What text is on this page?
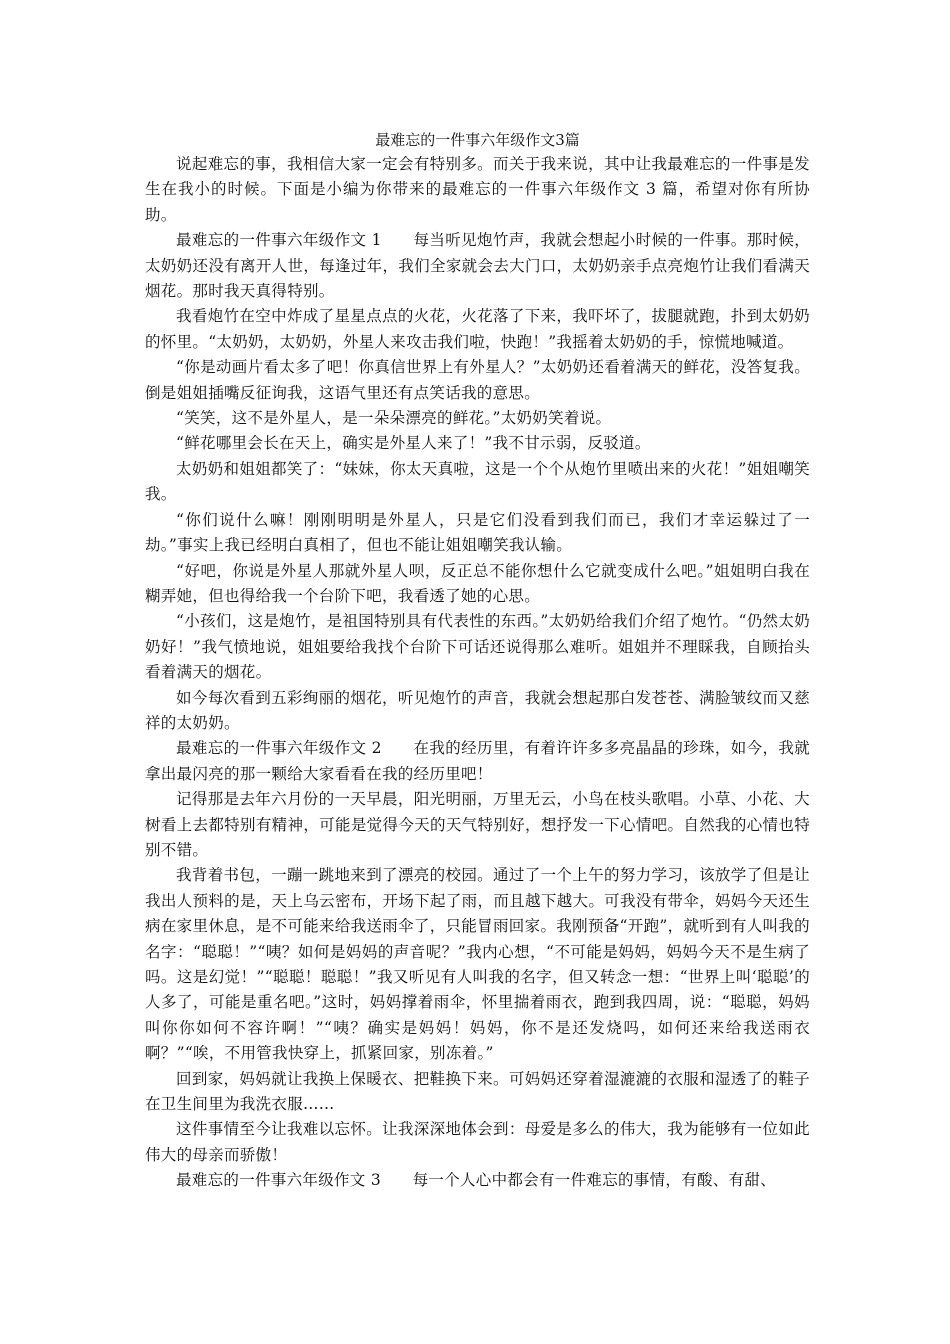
最难忘的一件事六年级作文3篇

说起难忘的事，我相信大家一定会有特别多。而关于我来说，其中让我最难忘的一件事是发生在我小的时候。下面是小编为你带来的最难忘的一件事六年级作文 3 篇，希望对你有所协助。

最难忘的一件事六年级作文 1　　每当听见炮竹声，我就会想起小时候的一件事。那时候，太奶奶还没有离开人世，每逢过年，我们全家就会去大门口，太奶奶亲手点亮炮竹让我们看满天烟花。那时我天真得特别。

我看炮竹在空中炸成了星星点点的火花，火花落了下来，我吓坏了，拔腿就跑，扑到太奶奶的怀里。“太奶奶，太奶奶，外星人来攻击我们啦，快跑！”我摇着太奶奶的手，惊慌地喊道。

“你是动画片看太多了吧！你真信世界上有外星人？”太奶奶还看着满天的鲜花，没答复我。倒是姐姐插嘴反征询我，这语气里还有点笑话我的意思。

“笑笑，这不是外星人，是一朵朵漂亮的鲜花。”太奶奶笑着说。

“鲜花哪里会长在天上，确实是外星人来了！”我不甘示弱，反驳道。

太奶奶和姐姐都笑了：“妹妹，你太天真啦，这是一个个从炮竹里喷出来的火花！”姐姐嘲笑我。

“你们说什么嘛！刚刚明明是外星人，只是它们没看到我们而已，我们才幸运躲过了一劫。”事实上我已经明白真相了，但也不能让姐姐嘲笑我认输。

“好吧，你说是外星人那就外星人呗，反正总不能你想什么它就变成什么吧。”姐姐明白我在糊弄她，但也得给我一个台阶下吧，我看透了她的心思。

“小孩们，这是炮竹，是祖国特别具有代表性的东西。”太奶奶给我们介绍了炮竹。“仍然太奶奶好！”我气愤地说，姐姐要给我找个台阶下可话还说得那么难听。姐姐并不理睬我，自顾抬头看着满天的烟花。

如今每次看到五彩绚丽的烟花，听见炮竹的声音，我就会想起那白发苍苍、满脸皱纹而又慈祥的太奶奶。

最难忘的一件事六年级作文 2　　在我的经历里，有着许许多多亮晶晶的珍珠，如今，我就拿出最闪亮的那一颗给大家看看在我的经历里吧！

记得那是去年六月份的一天早晨，阳光明丽，万里无云，小鸟在枝头歌唱。小草、小花、大树看上去都特别有精神，可能是觉得今天的天气特别好，想抒发一下心情吧。自然我的心情也特别不错。

我背着书包，一蹦一跳地来到了漂亮的校园。通过了一个上午的努力学习，该放学了但是让我出人预料的是，天上乌云密布，开场下起了雨，而且越下越大。可我没有带伞，妈妈今天还生病在家里休息，是不可能来给我送雨伞了，只能冒雨回家。我刚预备“开跑”，就听到有人叫我的名字：“聪聪！”“咦？如何是妈妈的声音呢？”我内心想，“不可能是妈妈，妈妈今天不是生病了吗。这是幻觉！”“聪聪！聪聪！”我又听见有人叫我的名字，但又转念一想：“世界上叫‘聪聪’的人多了，可能是重名吧。”这时，妈妈撑着雨伞，怀里揣着雨衣，跑到我四周，说：“聪聪，妈妈叫你你如何不容许啊！”“咦？确实是妈妈！妈妈，你不是还发烧吗，如何还来给我送雨衣啊？”“唉，不用管我快穿上，抓紧回家，别冻着。”

回到家，妈妈就让我换上保暖衣、把鞋换下来。可妈妈还穿着湿漉漉的衣服和湿透了的鞋子在卫生间里为我洗衣服……

这件事情至今让我难以忘怀。让我深深地体会到：母爱是多么的伟大，我为能够有一位如此伟大的母亲而骄傲！

最难忘的一件事六年级作文 3　　每一个人心中都会有一件难忘的事情，有酸、有甜、
